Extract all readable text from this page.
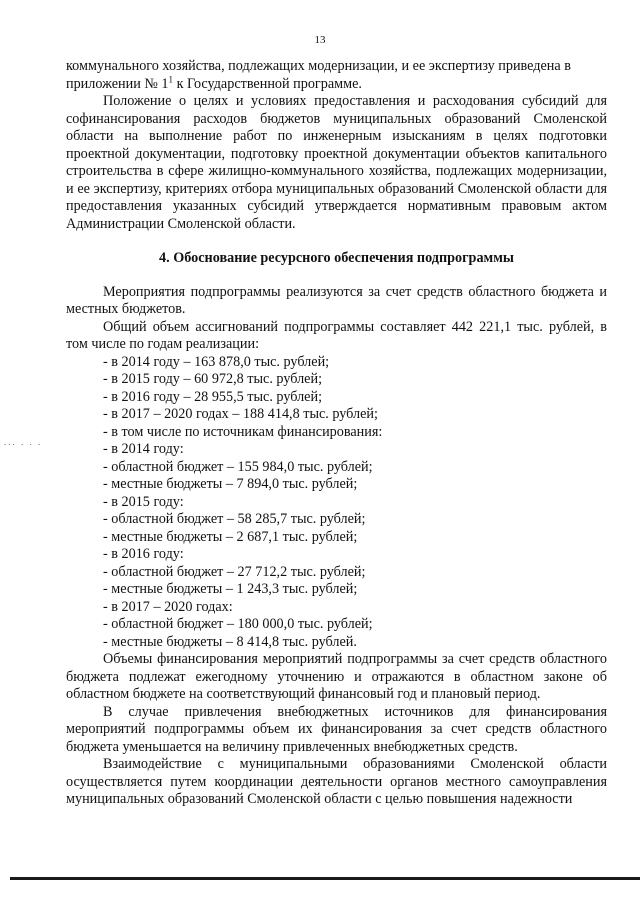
13
... . . .

коммунального хозяйства, подлежащих модернизации, и ее экспертизу приведена в
приложении № $1^1$ к Государственной программе.

Положение о целях и условиях предоставления и расходования субсидий для софинансирования расходов бюджетов муниципальных образований Смоленской области на выполнение работ по инженерным изысканиям в целях подготовки проектной документации, подготовку проектной документации объектов капитального строительства в сфере жилищно-коммунального хозяйства, подлежащих модернизации, и ее экспертизу, критериях отбора муниципальных образований Смоленской области для предоставления указанных субсидий утверждается нормативным правовым актом Администрации Смоленской области.

4. Обоснование ресурсного обеспечения подпрограммы

Мероприятия подпрограммы реализуются за счет средств областного бюджета и местных бюджетов.

Общий объем ассигнований подпрограммы составляет 442 221,1 тыс. рублей, в том числе по годам реализации:

- в 2014 году – 163 878,0 тыс. рублей;
- в 2015 году – 60 972,8 тыс. рублей;
- в 2016 году – 28 955,5 тыс. рублей;
- в 2017 – 2020 годах – 188 414,8 тыс. рублей;
- в том числе по источникам финансирования:
- в 2014 году:
- областной бюджет – 155 984,0 тыс. рублей;
- местные бюджеты – 7 894,0 тыс. рублей;
- в 2015 году:
- областной бюджет – 58 285,7 тыс. рублей;
- местные бюджеты – 2 687,1 тыс. рублей;
- в 2016 году:
- областной бюджет – 27 712,2 тыс. рублей;
- местные бюджеты – 1 243,3 тыс. рублей;
- в 2017 – 2020 годах:
- областной бюджет – 180 000,0 тыс. рублей;
- местные бюджеты – 8 414,8 тыс. рублей.

Объемы финансирования мероприятий подпрограммы за счет средств областного бюджета подлежат ежегодному уточнению и отражаются в областном законе об областном бюджете на соответствующий финансовый год и плановый период.

В случае привлечения внебюджетных источников для финансирования мероприятий подпрограммы объем их финансирования за счет средств областного бюджета уменьшается на величину привлеченных внебюджетных средств.

Взаимодействие с муниципальными образованиями Смоленской области осуществляется путем координации деятельности органов местного самоуправления муниципальных образований Смоленской области с целью повышения надежности
